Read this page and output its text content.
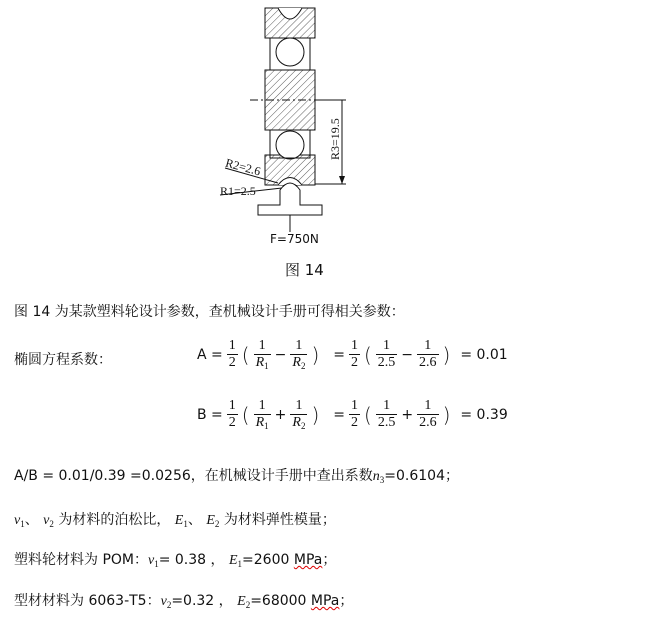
R3=19.5
R2=2.6
R1=2.5
F=750N
图 14
图 14 为某款塑料轮设计参数，查机械设计手册可得相关参数：
椭圆方程系数：	$A = \frac{1}{2}$ ( $\frac{1}{R_1} - \frac{1}{R_2}$ ) = $\frac{1}{2}$ ( $\frac{1}{2.5} - \frac{1}{2.6}$ ) = 0.01
$B = \frac{1}{2}$ ( $\frac{1}{R_1} + \frac{1}{R_2}$ ) = $\frac{1}{2}$ ( $\frac{1}{2.5} + \frac{1}{2.6}$ ) = 0.39
A/B = 0.01/0.39 =0.0256，在机械设计手册中查出系数$n_3=0.6104$；
$\nu_1$、 $\nu_2$ 为材料的泊松比， $E_1$、 $E_2$ 为材料弹性模量；
塑料轮材料为 POM：$\nu_1= 0.38$ ， $E_1=2600$ MPa；
型材材料为 6063-T5：$\nu_2=0.32$ ， $E_2=68000$ MPa；
